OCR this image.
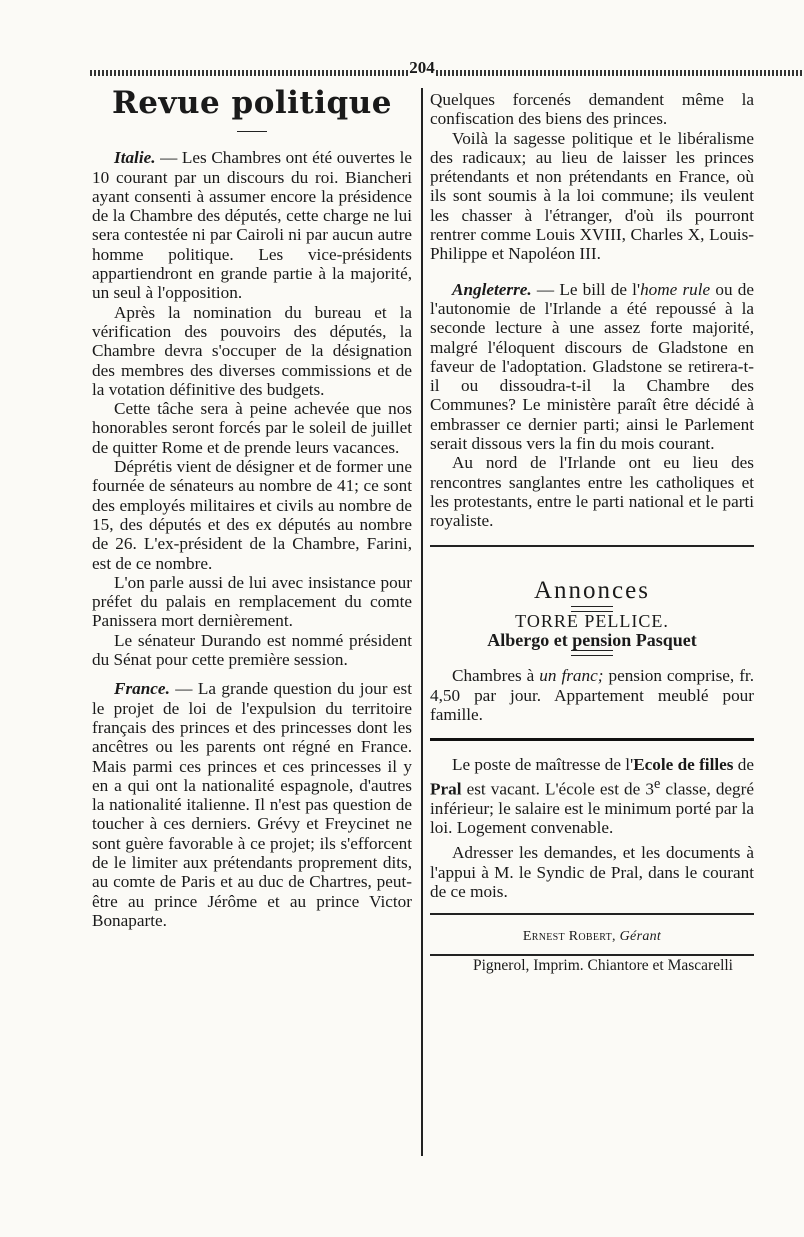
204
Revue politique

Italie. — Les Chambres ont été ouvertes le 10 courant par un discours du roi. Biancheri ayant consenti à assumer encore la présidence de la Chambre des députés, cette charge ne lui sera contestée ni par Cairoli ni par aucun autre homme politique. Les vice-présidents appartiendront en grande partie à la majorité, un seul à l'opposition.

Après la nomination du bureau et la vérification des pouvoirs des députés, la Chambre devra s'occuper de la désignation des membres des diverses commissions et de la votation définitive des budgets.

Cette tâche sera à peine achevée que nos honorables seront forcés par le soleil de juillet de quitter Rome et de prende leurs vacances.

Déprétis vient de désigner et de former une fournée de sénateurs au nombre de 41; ce sont des employés militaires et civils au nombre de 15, des députés et des ex députés au nombre de 26. L'ex-président de la Chambre, Farini, est de ce nombre.

L'on parle aussi de lui avec insistance pour préfet du palais en remplacement du comte Panissera mort dernièrement.

Le sénateur Durando est nommé président du Sénat pour cette première session.

France. — La grande question du jour est le projet de loi de l'expulsion du territoire français des princes et des princesses dont les ancêtres ou les parents ont régné en France. Mais parmi ces princes et ces princesses il y en a qui ont la nationalité espagnole, d'autres la nationalité italienne. Il n'est pas question de toucher à ces derniers. Grévy et Freycinet ne sont guère favorable à ce projet; ils s'efforcent de le limiter aux prétendants proprement dits, au comte de Paris et au duc de Chartres, peut-être au prince Jérôme et au prince Victor Bonaparte.

Quelques forcenés demandent même la confiscation des biens des princes.

Voilà la sagesse politique et le libéralisme des radicaux; au lieu de laisser les princes prétendants et non prétendants en France, où ils sont soumis à la loi commune; ils veulent les chasser à l'étranger, d'où ils pourront rentrer comme Louis XVIII, Charles X, Louis-Philippe et Napoléon III.

Angleterre. — Le bill de l'home rule ou de l'autonomie de l'Irlande a été repoussé à la seconde lecture à une assez forte majorité, malgré l'éloquent discours de Gladstone en faveur de l'adoptation. Gladstone se retirera-t-il ou dissoudra-t-il la Chambre des Communes? Le ministère paraît être décidé à embrasser ce dernier parti; ainsi le Parlement serait dissous vers la fin du mois courant.

Au nord de l'Irlande ont eu lieu des rencontres sanglantes entre les catholiques et les protestants, entre le parti national et le parti royaliste.

Annonces

TORRE PELLICE.

Albergo et pension Pasquet

Chambres à un franc; pension comprise, fr. 4,50 par jour. Appartement meublé pour famille.

Le poste de maîtresse de l'Ecole de filles de Pral est vacant. L'école est de 3e classe, degré inférieur; le salaire est le minimum porté par la loi. Logement convenable.

Adresser les demandes, et les documents à l'appui à M. le Syndic de Pral, dans le courant de ce mois.

Ernest Robert, Gérant

Pignerol, Imprim. Chiantore et Mascarelli
